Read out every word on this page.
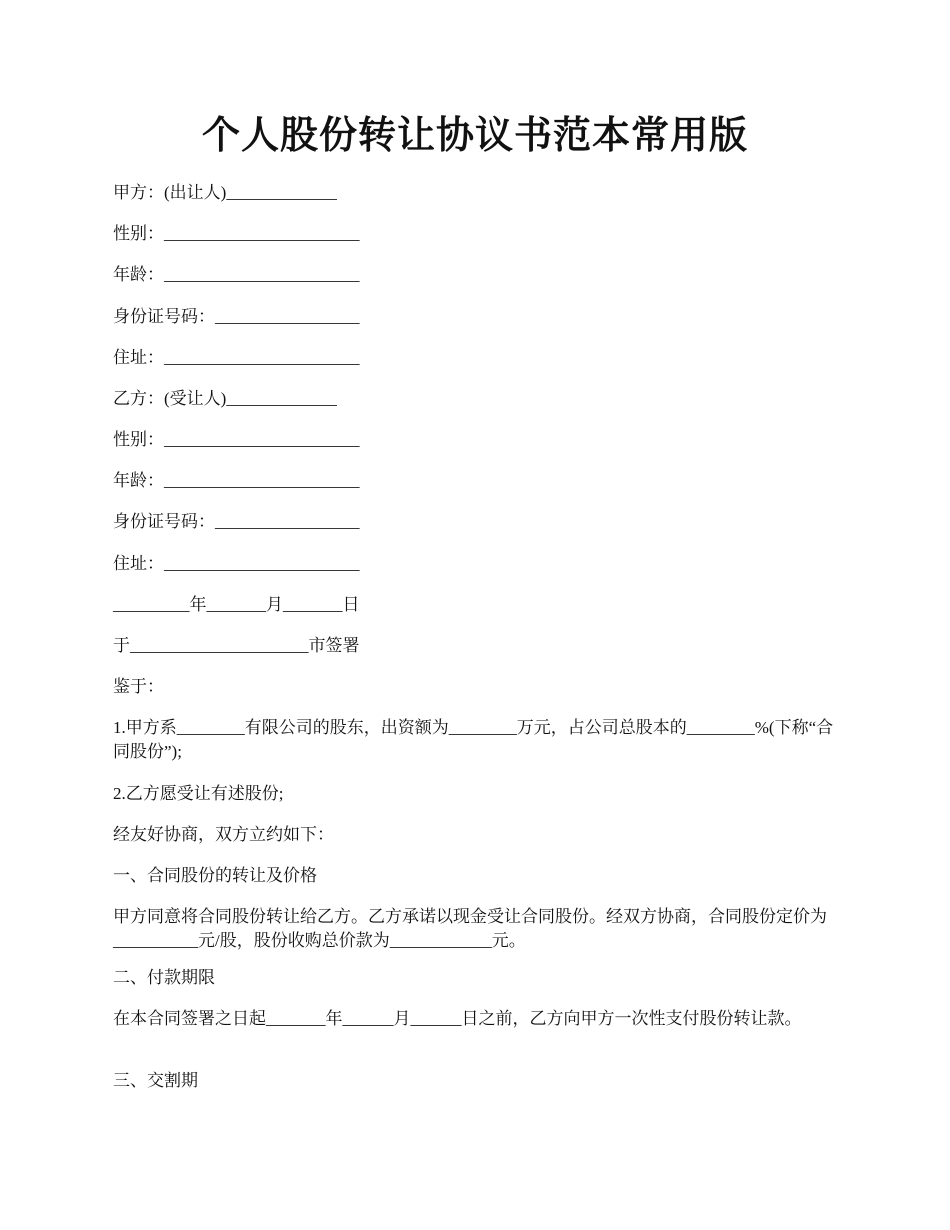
个人股份转让协议书范本常用版

甲方：(出让人)_____________

性别：_______________________

年龄：_______________________

身份证号码：_________________

住址：_______________________

乙方：(受让人)_____________

性别：_______________________

年龄：_______________________

身份证号码：_________________

住址：_______________________

_________年_______月_______日

于_____________________市签署

鉴于：

1.甲方系________有限公司的股东，出资额为________万元，占公司总股本的________%(下称“合同股份”);

2.乙方愿受让有述股份;

经友好协商，双方立约如下：

一、合同股份的转让及价格

甲方同意将合同股份转让给乙方。乙方承诺以现金受让合同股份。经双方协商，合同股份定价为__________元/股，股份收购总价款为____________元。

二、付款期限

在本合同签署之日起_______年______月______日之前，乙方向甲方一次性支付股份转让款。

三、交割期
